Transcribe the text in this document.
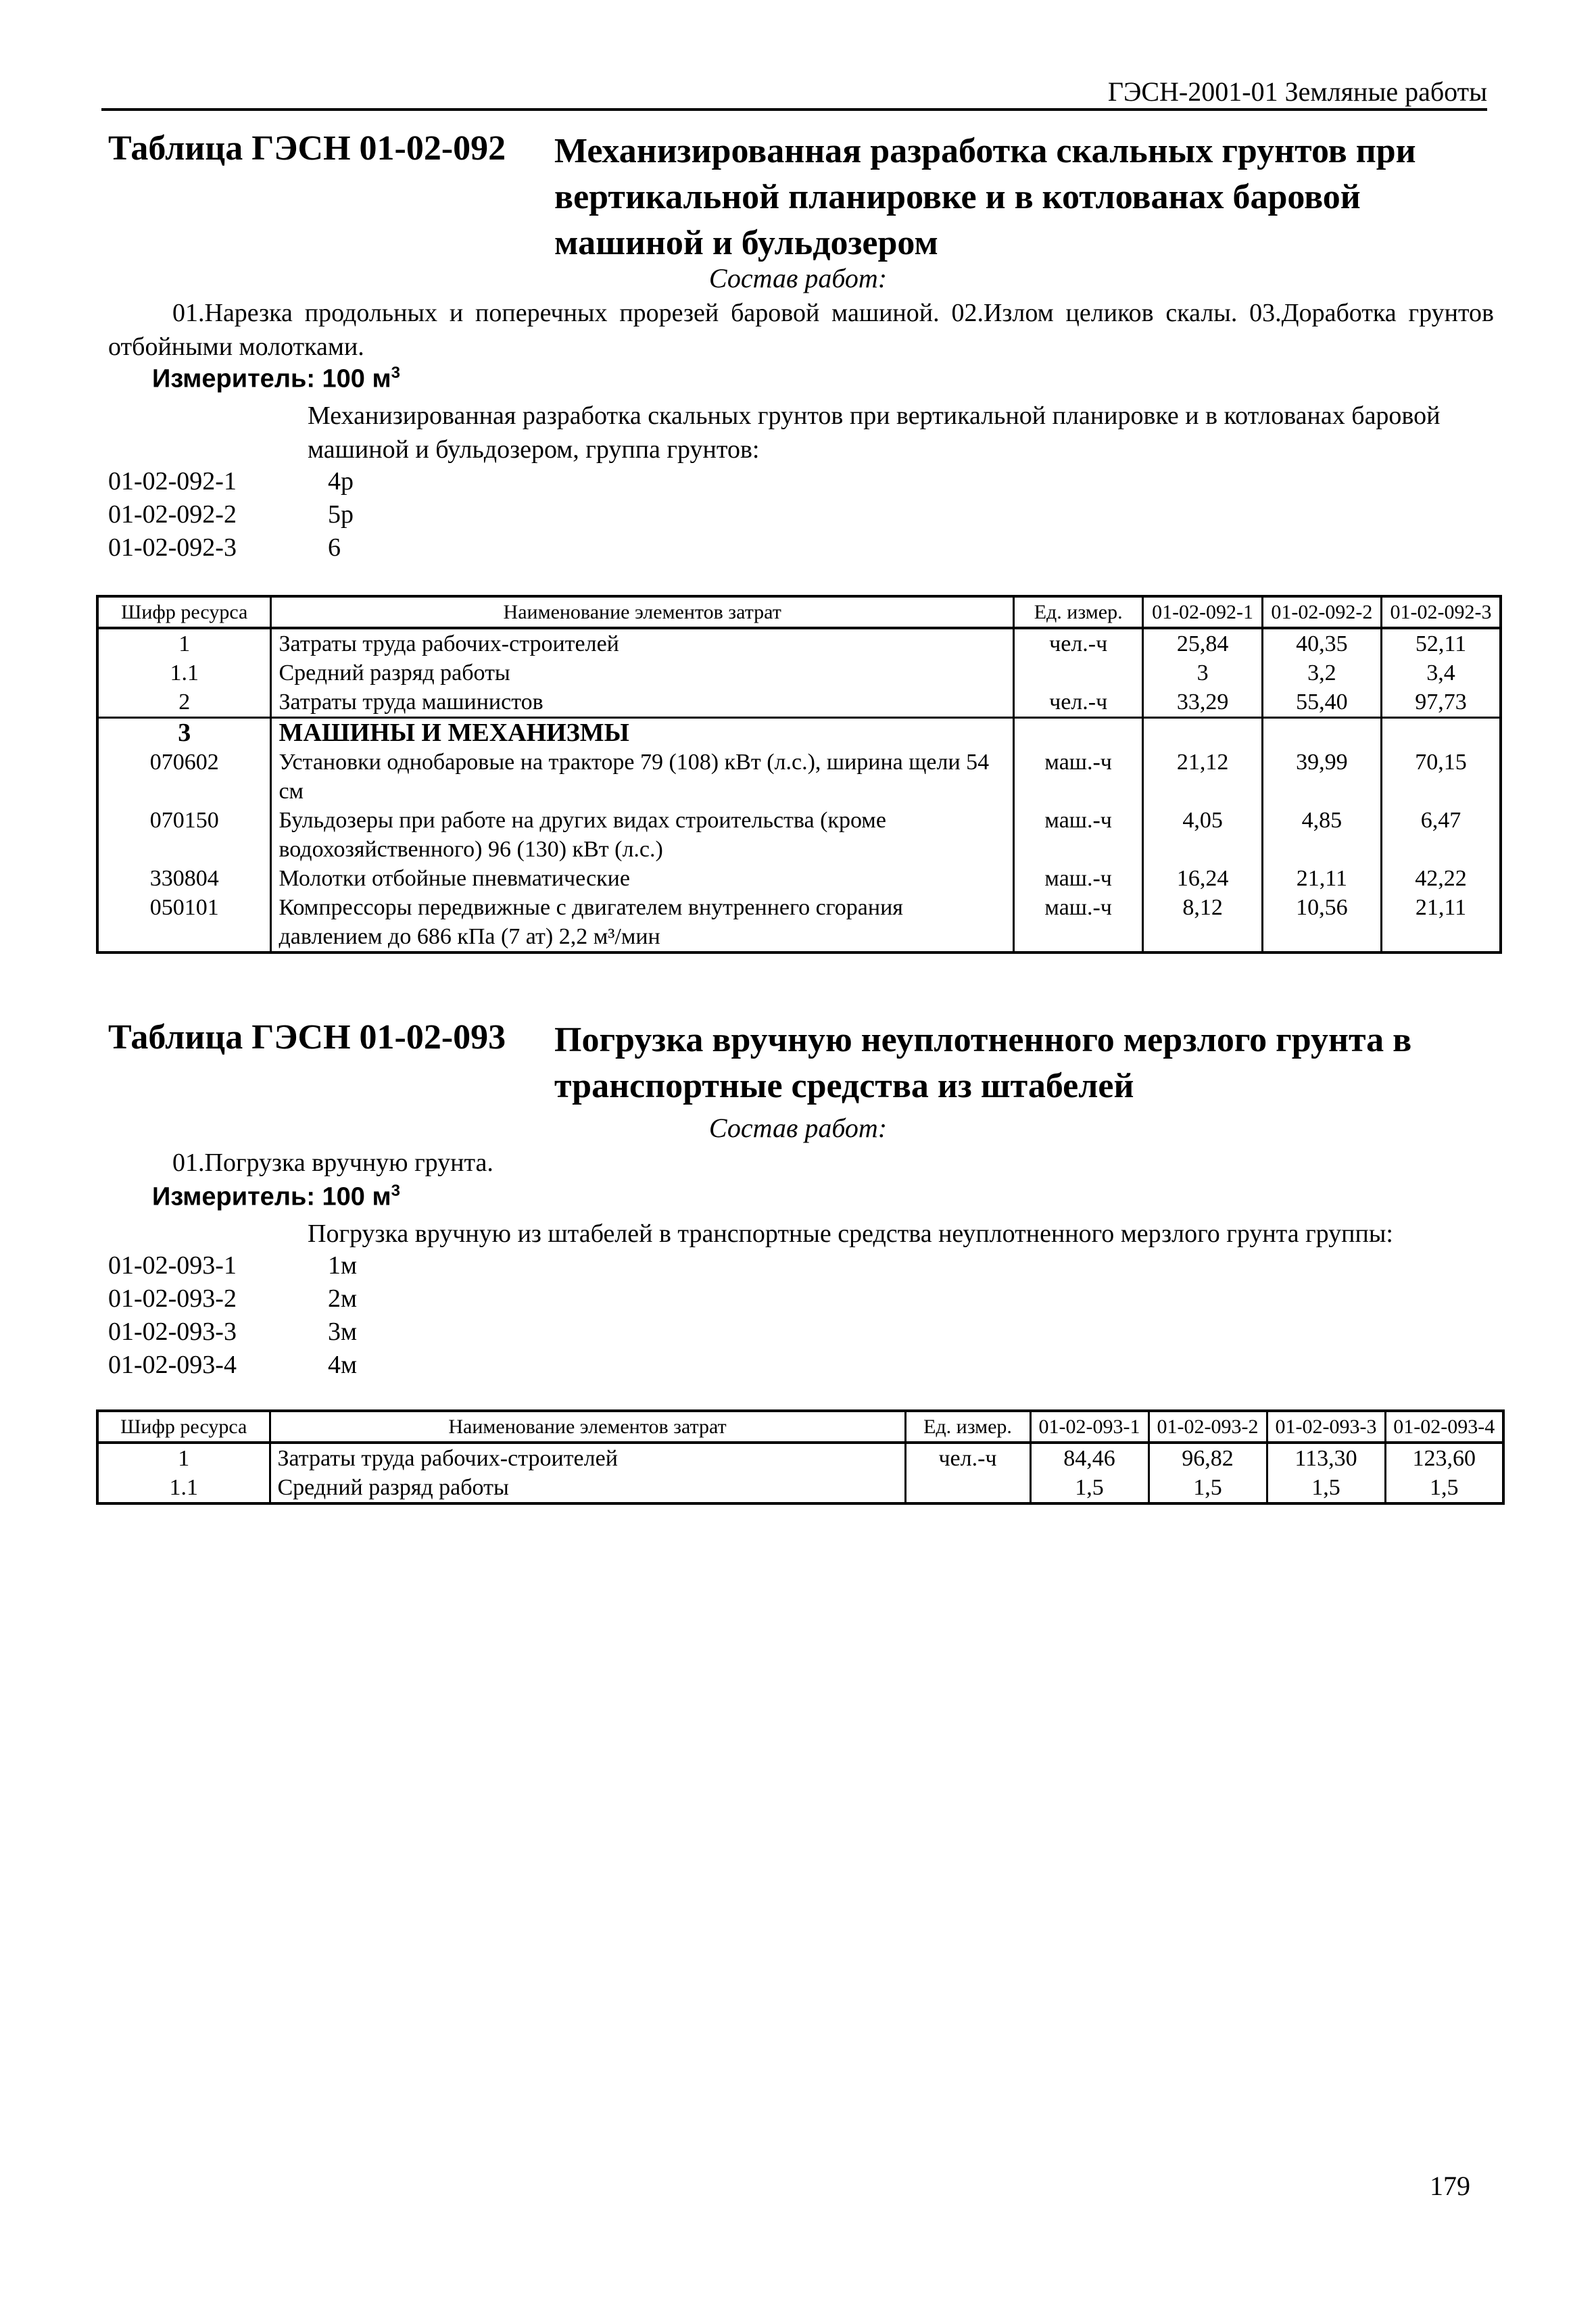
ГЭСН-2001-01 Земляные работы
Таблица ГЭСН 01-02-092 Механизированная разработка скальных грунтов при вертикальной планировке и в котлованах баровой машиной и бульдозером
Состав работ:
01.Нарезка продольных и поперечных прорезей баровой машиной. 02.Излом целиков скалы. 03.Доработка грунтов отбойными молотками.
Измеритель: 100 $м^3$
Механизированная разработка скальных грунтов при вертикальной планировке и в котлованах баровой машиной и бульдозером, группа грунтов:
01-02-092-1	4р
01-02-092-2	5р
01-02-092-3	6
Шифр ресурса	Наименование элементов затрат	Ед. измер.	01-02-092-1	01-02-092-2	01-02-092-3
1	Затраты труда рабочих-строителей	чел.-ч	25,84	40,35	52,11
1.1	Средний разряд работы		3	3,2	3,4
2	Затраты труда машинистов	чел.-ч	33,29	55,40	97,73
3	МАШИНЫ И МЕХАНИЗМЫ				
070602	Установки однобаровые на тракторе 79 (108) кВт (л.с.), ширина щели 54 см	маш.-ч	21,12	39,99	70,15
070150	Бульдозеры при работе на других видах строительства (кроме водохозяйственного) 96 (130) кВт (л.с.)	маш.-ч	4,05	4,85	6,47
330804	Молотки отбойные пневматические	маш.-ч	16,24	21,11	42,22
050101	Компрессоры передвижные с двигателем внутреннего сгорания давлением до 686 кПа (7 ат) 2,2 м³/мин	маш.-ч	8,12	10,56	21,11
Таблица ГЭСН 01-02-093 Погрузка вручную неуплотненного мерзлого грунта в транспортные средства из штабелей
Состав работ:
01.Погрузка вручную грунта.
Измеритель: 100 $м^3$
Погрузка вручную из штабелей в транспортные средства неуплотненного мерзлого грунта группы:
01-02-093-1	1м
01-02-093-2	2м
01-02-093-3	3м
01-02-093-4	4м
Шифр ресурса	Наименование элементов затрат	Ед. измер.	01-02-093-1	01-02-093-2	01-02-093-3	01-02-093-4
1	Затраты труда рабочих-строителей	чел.-ч	84,46	96,82	113,30	123,60
1.1	Средний разряд работы		1,5	1,5	1,5	1,5
179
